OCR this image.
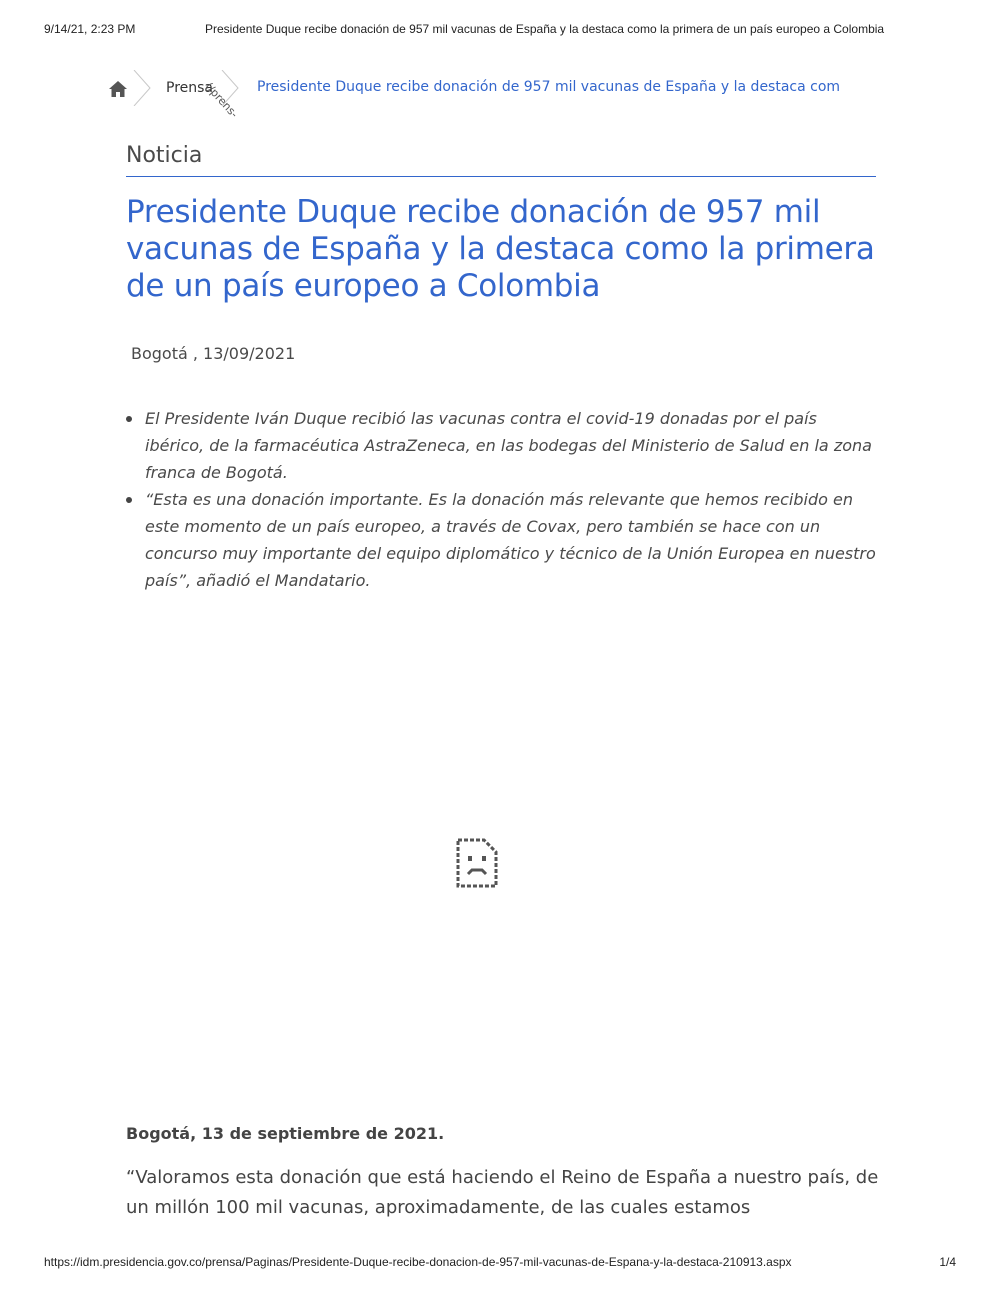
9/14/21, 2:23 PM	Presidente Duque recibe donación de 957 mil vacunas de España y la destaca como la primera de un país europeo a Colombia
Prensa
(/prens- Presidente Duque recibe donación de 957 mil vacunas de España y la destaca com
Noticia
Presidente Duque recibe donación de 957 mil vacunas de España y la destaca como la primera de un país europeo a Colombia
Bogotá , 13/09/2021
El Presidente Iván Duque recibió las vacunas contra el covid-19 donadas por el país ibérico, de la farmacéutica AstraZeneca, en las bodegas del Ministerio de Salud en la zona franca de Bogotá.
“Esta es una donación importante. Es la donación más relevante que hemos recibido en este momento de un país europeo, a través de Covax, pero también se hace con un concurso muy importante del equipo diplomático y técnico de la Unión Europea en nuestro país”, añadió el Mandatario.
Bogotá, 13 de septiembre de 2021.

“Valoramos esta donación que está haciendo el Reino de España a nuestro país, de un millón 100 mil vacunas, aproximadamente, de las cuales estamos

https://idm.presidencia.gov.co/prensa/Paginas/Presidente-Duque-recibe-donacion-de-957-mil-vacunas-de-Espana-y-la-destaca-210913.aspx	1/4
